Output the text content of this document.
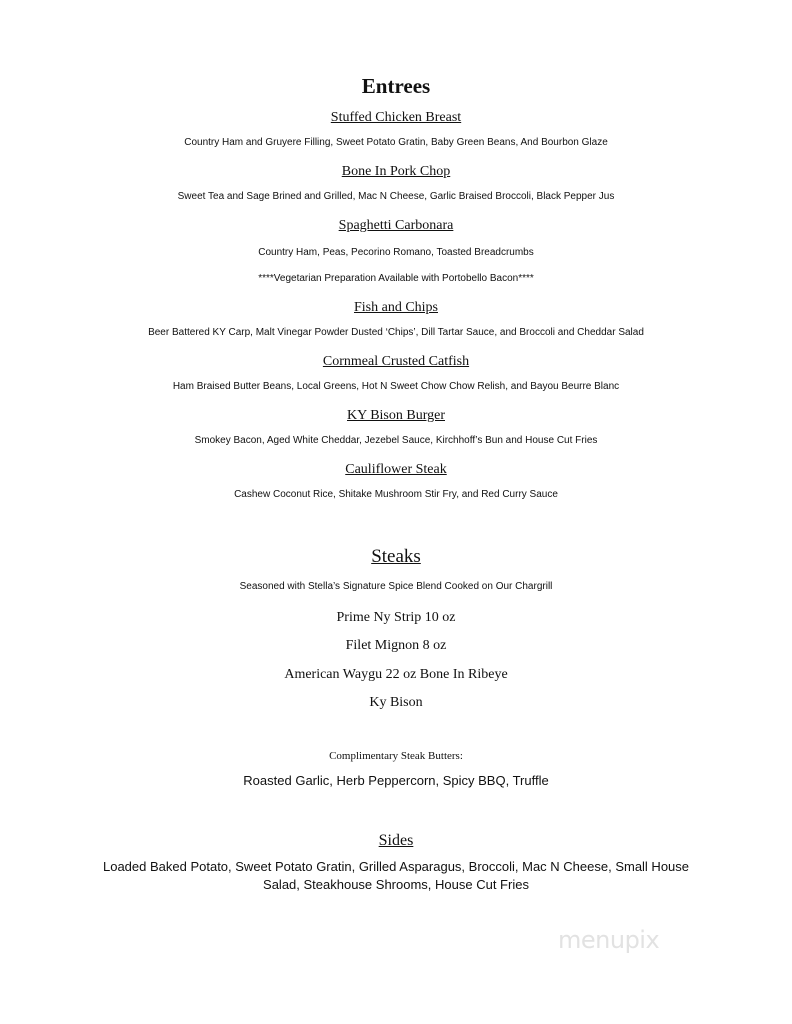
Entrees
Stuffed Chicken Breast
Country Ham and Gruyere Filling, Sweet Potato Gratin, Baby Green Beans, And Bourbon Glaze
Bone In Pork Chop
Sweet Tea and Sage Brined and Grilled, Mac N Cheese, Garlic Braised Broccoli, Black Pepper Jus
Spaghetti Carbonara
Country Ham, Peas, Pecorino Romano, Toasted Breadcrumbs
****Vegetarian Preparation Available with Portobello Bacon****
Fish and Chips
Beer Battered KY Carp, Malt Vinegar Powder Dusted ‘Chips’, Dill Tartar Sauce, and Broccoli and Cheddar Salad
Cornmeal Crusted Catfish
Ham Braised Butter Beans, Local Greens, Hot N Sweet Chow Chow Relish, and Bayou Beurre Blanc
KY Bison Burger
Smokey Bacon, Aged White Cheddar, Jezebel Sauce, Kirchhoff’s Bun and House Cut Fries
Cauliflower Steak
Cashew Coconut Rice, Shitake Mushroom Stir Fry, and Red Curry Sauce
Steaks
Seasoned with Stella’s Signature Spice Blend Cooked on Our Chargrill
Prime Ny Strip 10 oz
Filet Mignon 8 oz
American Waygu 22 oz Bone In Ribeye
Ky Bison
Complimentary Steak Butters:
Roasted Garlic, Herb Peppercorn, Spicy BBQ, Truffle
Sides
Loaded Baked Potato, Sweet Potato Gratin, Grilled Asparagus, Broccoli, Mac N Cheese, Small House
Salad, Steakhouse Shrooms, House Cut Fries
menupix
